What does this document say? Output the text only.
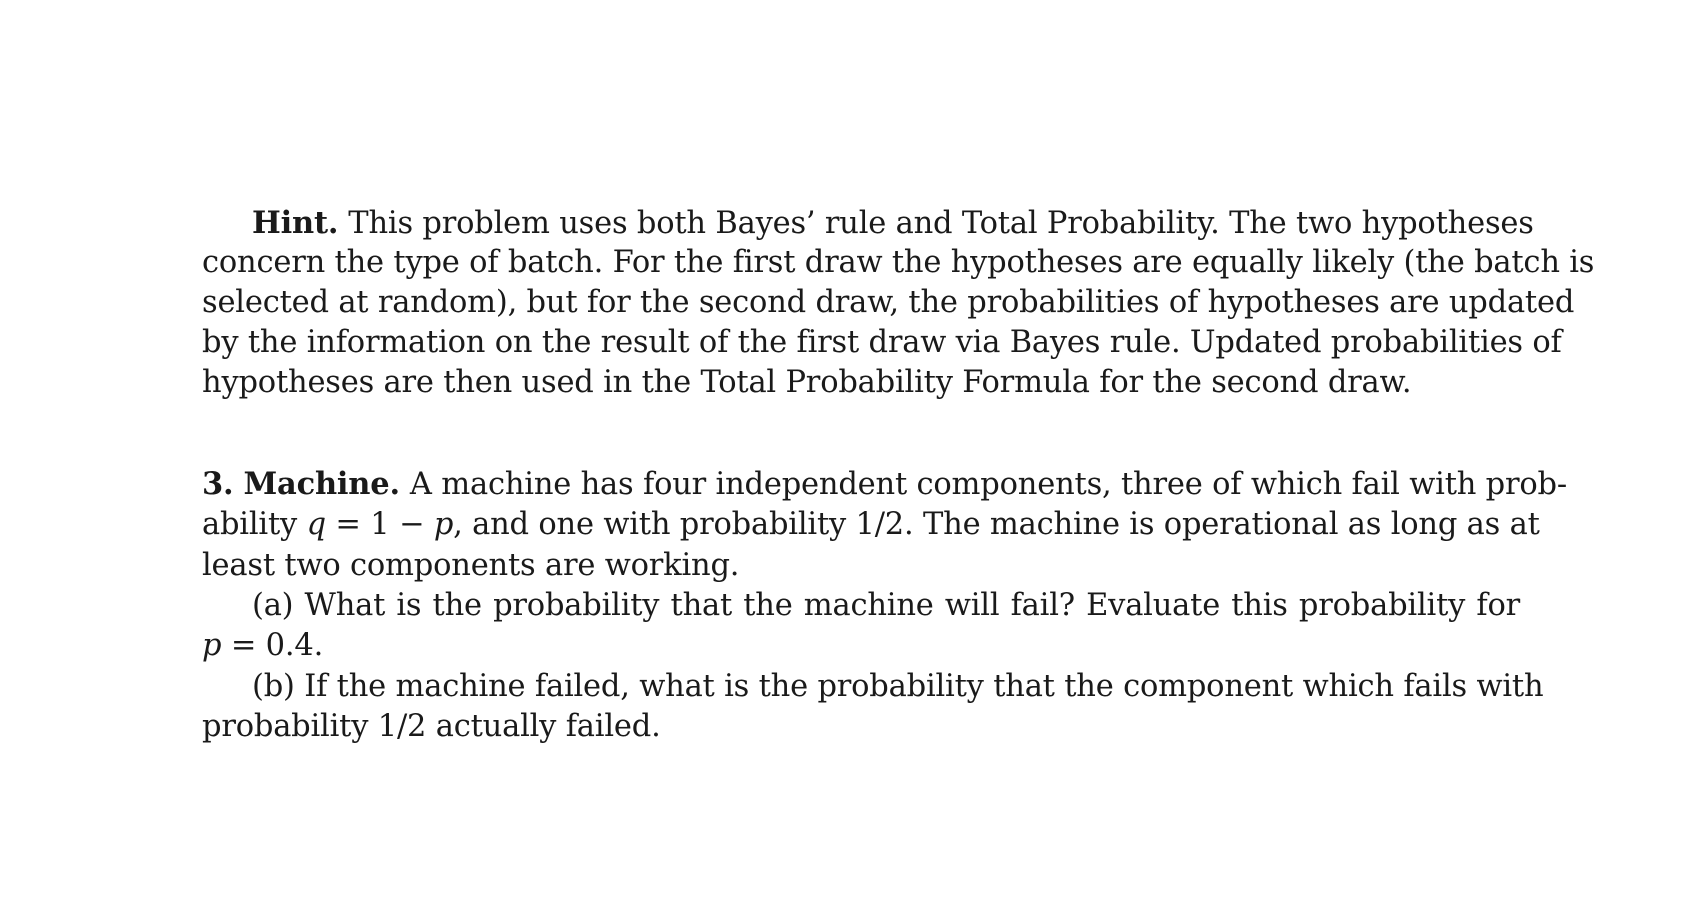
Hint. This problem uses both Bayes’ rule and Total Probability. The two hypotheses
concern the type of batch. For the first draw the hypotheses are equally likely (the batch is
selected at random), but for the second draw, the probabilities of hypotheses are updated
by the information on the result of the first draw via Bayes rule. Updated probabilities of
hypotheses are then used in the Total Probability Formula for the second draw.
3. Machine. A machine has four independent components, three of which fail with prob-
ability q = 1 − p, and one with probability 1/2. The machine is operational as long as at
least two components are working.
(a) What is the probability that the machine will fail? Evaluate this probability for
p = 0.4.
(b) If the machine failed, what is the probability that the component which fails with
probability 1/2 actually failed.
